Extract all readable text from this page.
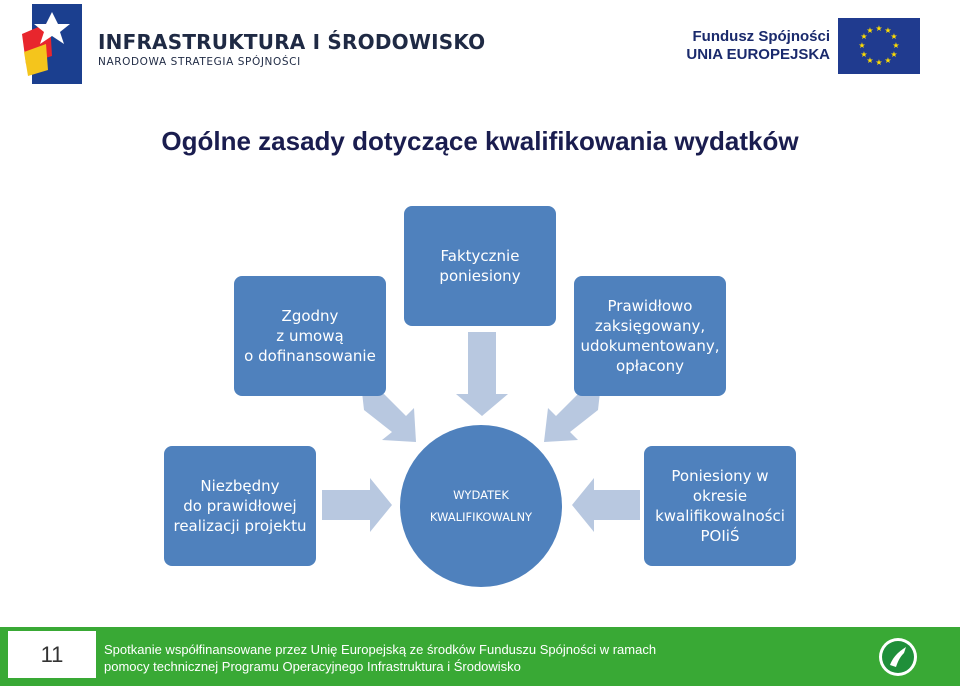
INFRASTRUKTURA I ŚRODOWISKO
NARODOWA STRATEGIA SPÓJNOŚCI
Fundusz Spójności
UNIA EUROPEJSKA
★ ★
★
★
★
★
★
★
★
★
★
★
Ogólne zasady dotyczące kwalifikowania wydatków
Faktycznie
poniesiony
Zgodny
z umową
o dofinansowanie
Prawidłowo
zaksięgowany,
udokumentowany,
opłacony
Niezbędny
do prawidłowej
realizacji projektu
Poniesiony w
okresie
kwalifikowalności
POIiŚ
WYDATEK
KWALIFIKOWALNY
11	Spotkanie współfinansowane przez Unię Europejską ze środków Funduszu Spójności w ramach
pomocy technicznej Programu Operacyjnego Infrastruktura i Środowisko
